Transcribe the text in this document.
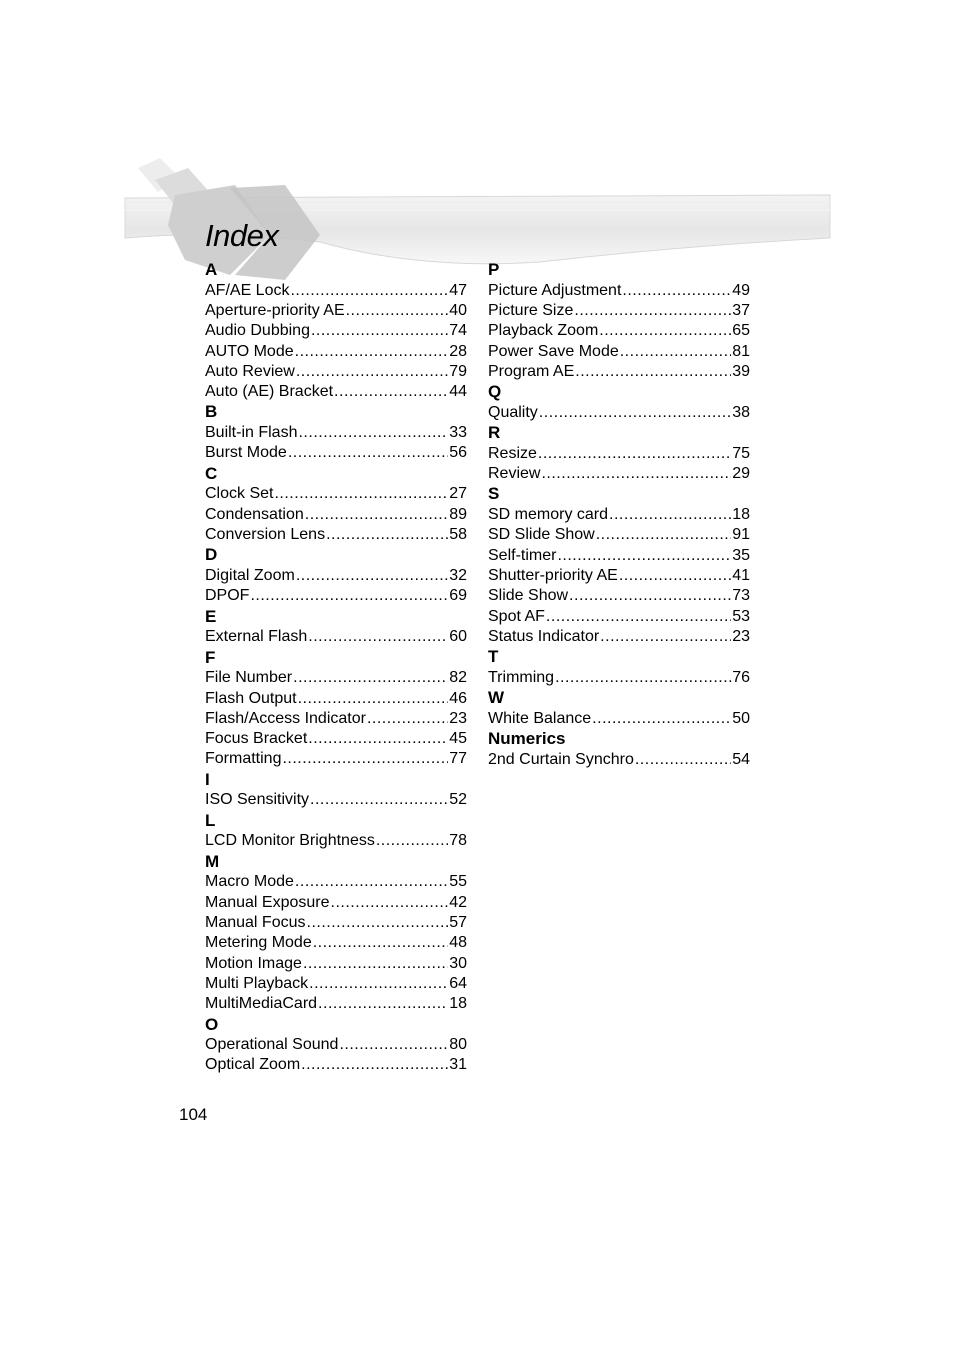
Index
A
AF/AE Lock .....	47
Aperture-priority AE .....	40
Audio Dubbing .....	74
AUTO Mode .....	28
Auto Review .....	79
Auto (AE) Bracket .....	44
B
Built-in Flash .....	33
Burst Mode .....	56
C
Clock Set .....	27
Condensation .....	89
Conversion Lens .....	58
D
Digital Zoom .....	32
DPOF .....	69
E
External Flash .....	60
F
File Number .....	82
Flash Output .....	46
Flash/Access Indicator .....	23
Focus Bracket .....	45
Formatting .....	77
I
ISO Sensitivity .....	52
L
LCD Monitor Brightness .....	78
M
Macro Mode .....	55
Manual Exposure .....	42
Manual Focus .....	57
Metering Mode .....	48
Motion Image .....	30
Multi Playback .....	64
MultiMediaCard .....	18
O
Operational Sound .....	80
Optical Zoom .....	31
P
Picture Adjustment .....	49
Picture Size .....	37
Playback Zoom .....	65
Power Save Mode .....	81
Program AE .....	39
Q
Quality .....	38
R
Resize .....	75
Review .....	29
S
SD memory card .....	18
SD Slide Show .....	91
Self-timer .....	35
Shutter-priority AE .....	41
Slide Show .....	73
Spot AF .....	53
Status Indicator .....	23
T
Trimming .....	76
W
White Balance .....	50
Numerics
2nd Curtain Synchro .....	54
104
